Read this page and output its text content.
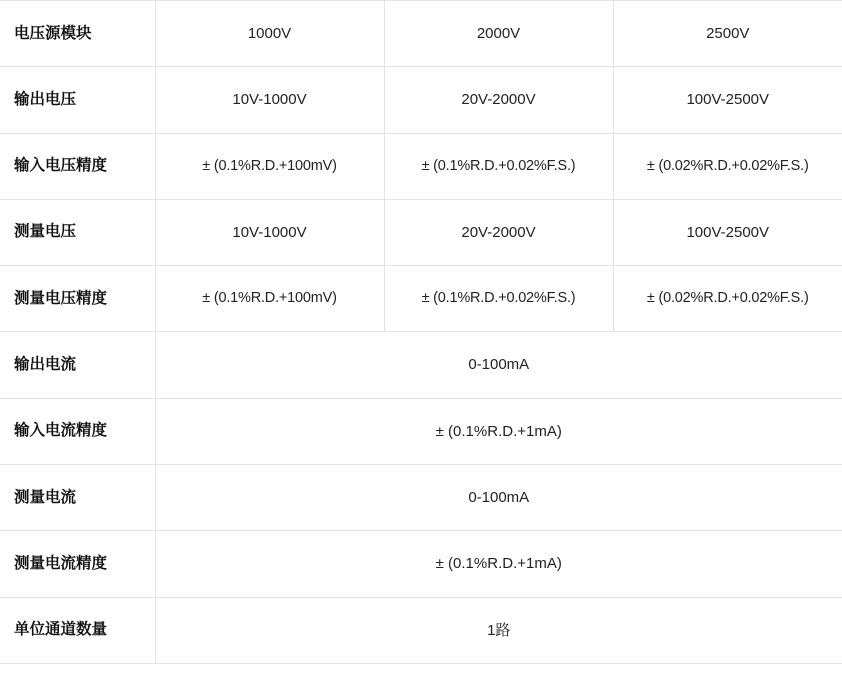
电压源模块	1000V	2000V	2500V
输出电压	10V-1000V	20V-2000V	100V-2500V
输入电压精度	± (0.1%R.D.+100mV)	± (0.1%R.D.+0.02%F.S.)	± (0.02%R.D.+0.02%F.S.)
测量电压	10V-1000V	20V-2000V	100V-2500V
测量电压精度	± (0.1%R.D.+100mV)	± (0.1%R.D.+0.02%F.S.)	± (0.02%R.D.+0.02%F.S.)
输出电流	0-100mA		
输入电流精度	± (0.1%R.D.+1mA)		
测量电流	0-100mA		
测量电流精度	± (0.1%R.D.+1mA)		
单位通道数量	1路		
